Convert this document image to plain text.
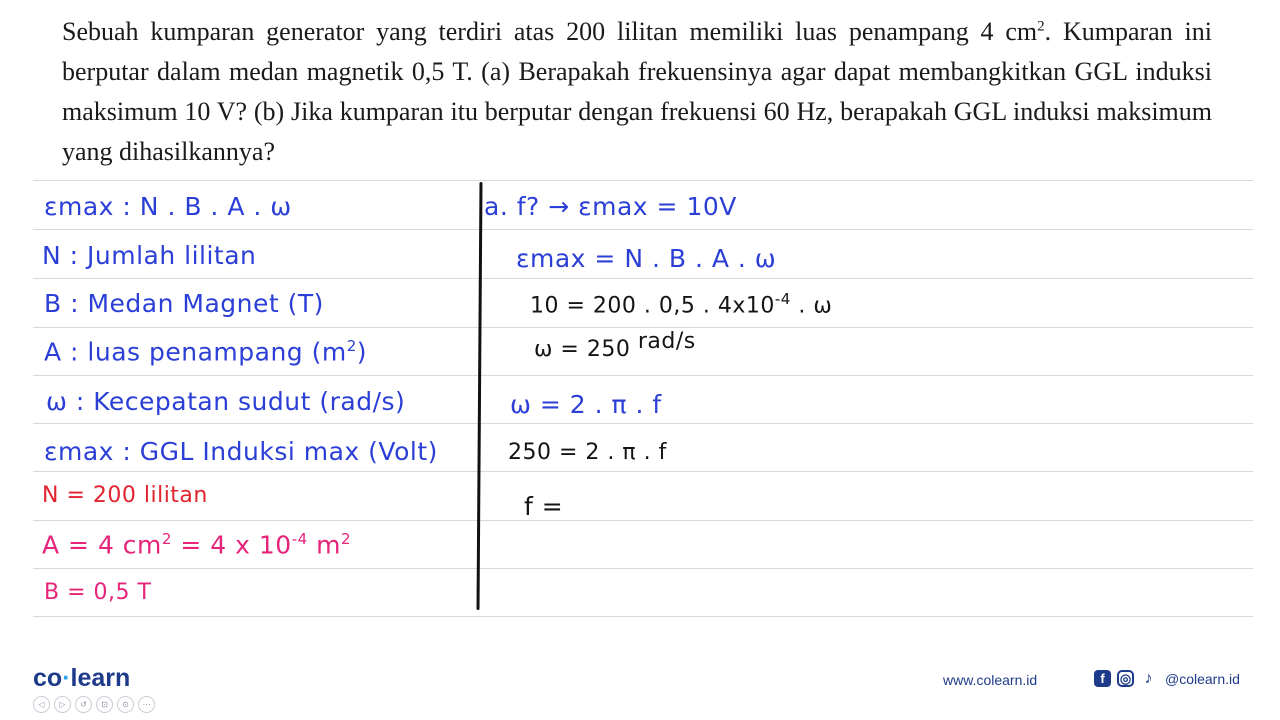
Sebuah kumparan generator yang terdiri atas 200 lilitan memiliki luas penampang 4 $cm^2$. Kumparan ini berputar dalam medan magnetik 0,5 T. (a) Berapakah frekuensinya agar dapat membangkitkan GGL induksi maksimum 10 V? (b) Jika kumparan itu berputar dengan frekuensi 60 Hz, berapakah GGL induksi maksimum yang dihasilkannya?
εmax : N . B . A . ω
N : Jumlah lilitan
B : Medan Magnet (T)
A : luas penampang $(m^2)$
ω : Kecepatan sudut (rad/s)
εmax : GGL Induksi max (Volt)
N = 200 lilitan
A = 4 $cm^2 = 4$ x $10^{-4}$ $m^2$
B = 0,5 T
a. f? → εmax = 10V
εmax = N . B . A . ω
10 = 200 . 0,5 . $4x10^{-4}$ . ω
ω = 250 rad/s
ω = 2 . π . f
250 = 2 . π . f
f =
co·learn
◁	▷	↺	⊡	⊙	⋯
www.colearn.id	f	◎ ♪ @colearn.id
